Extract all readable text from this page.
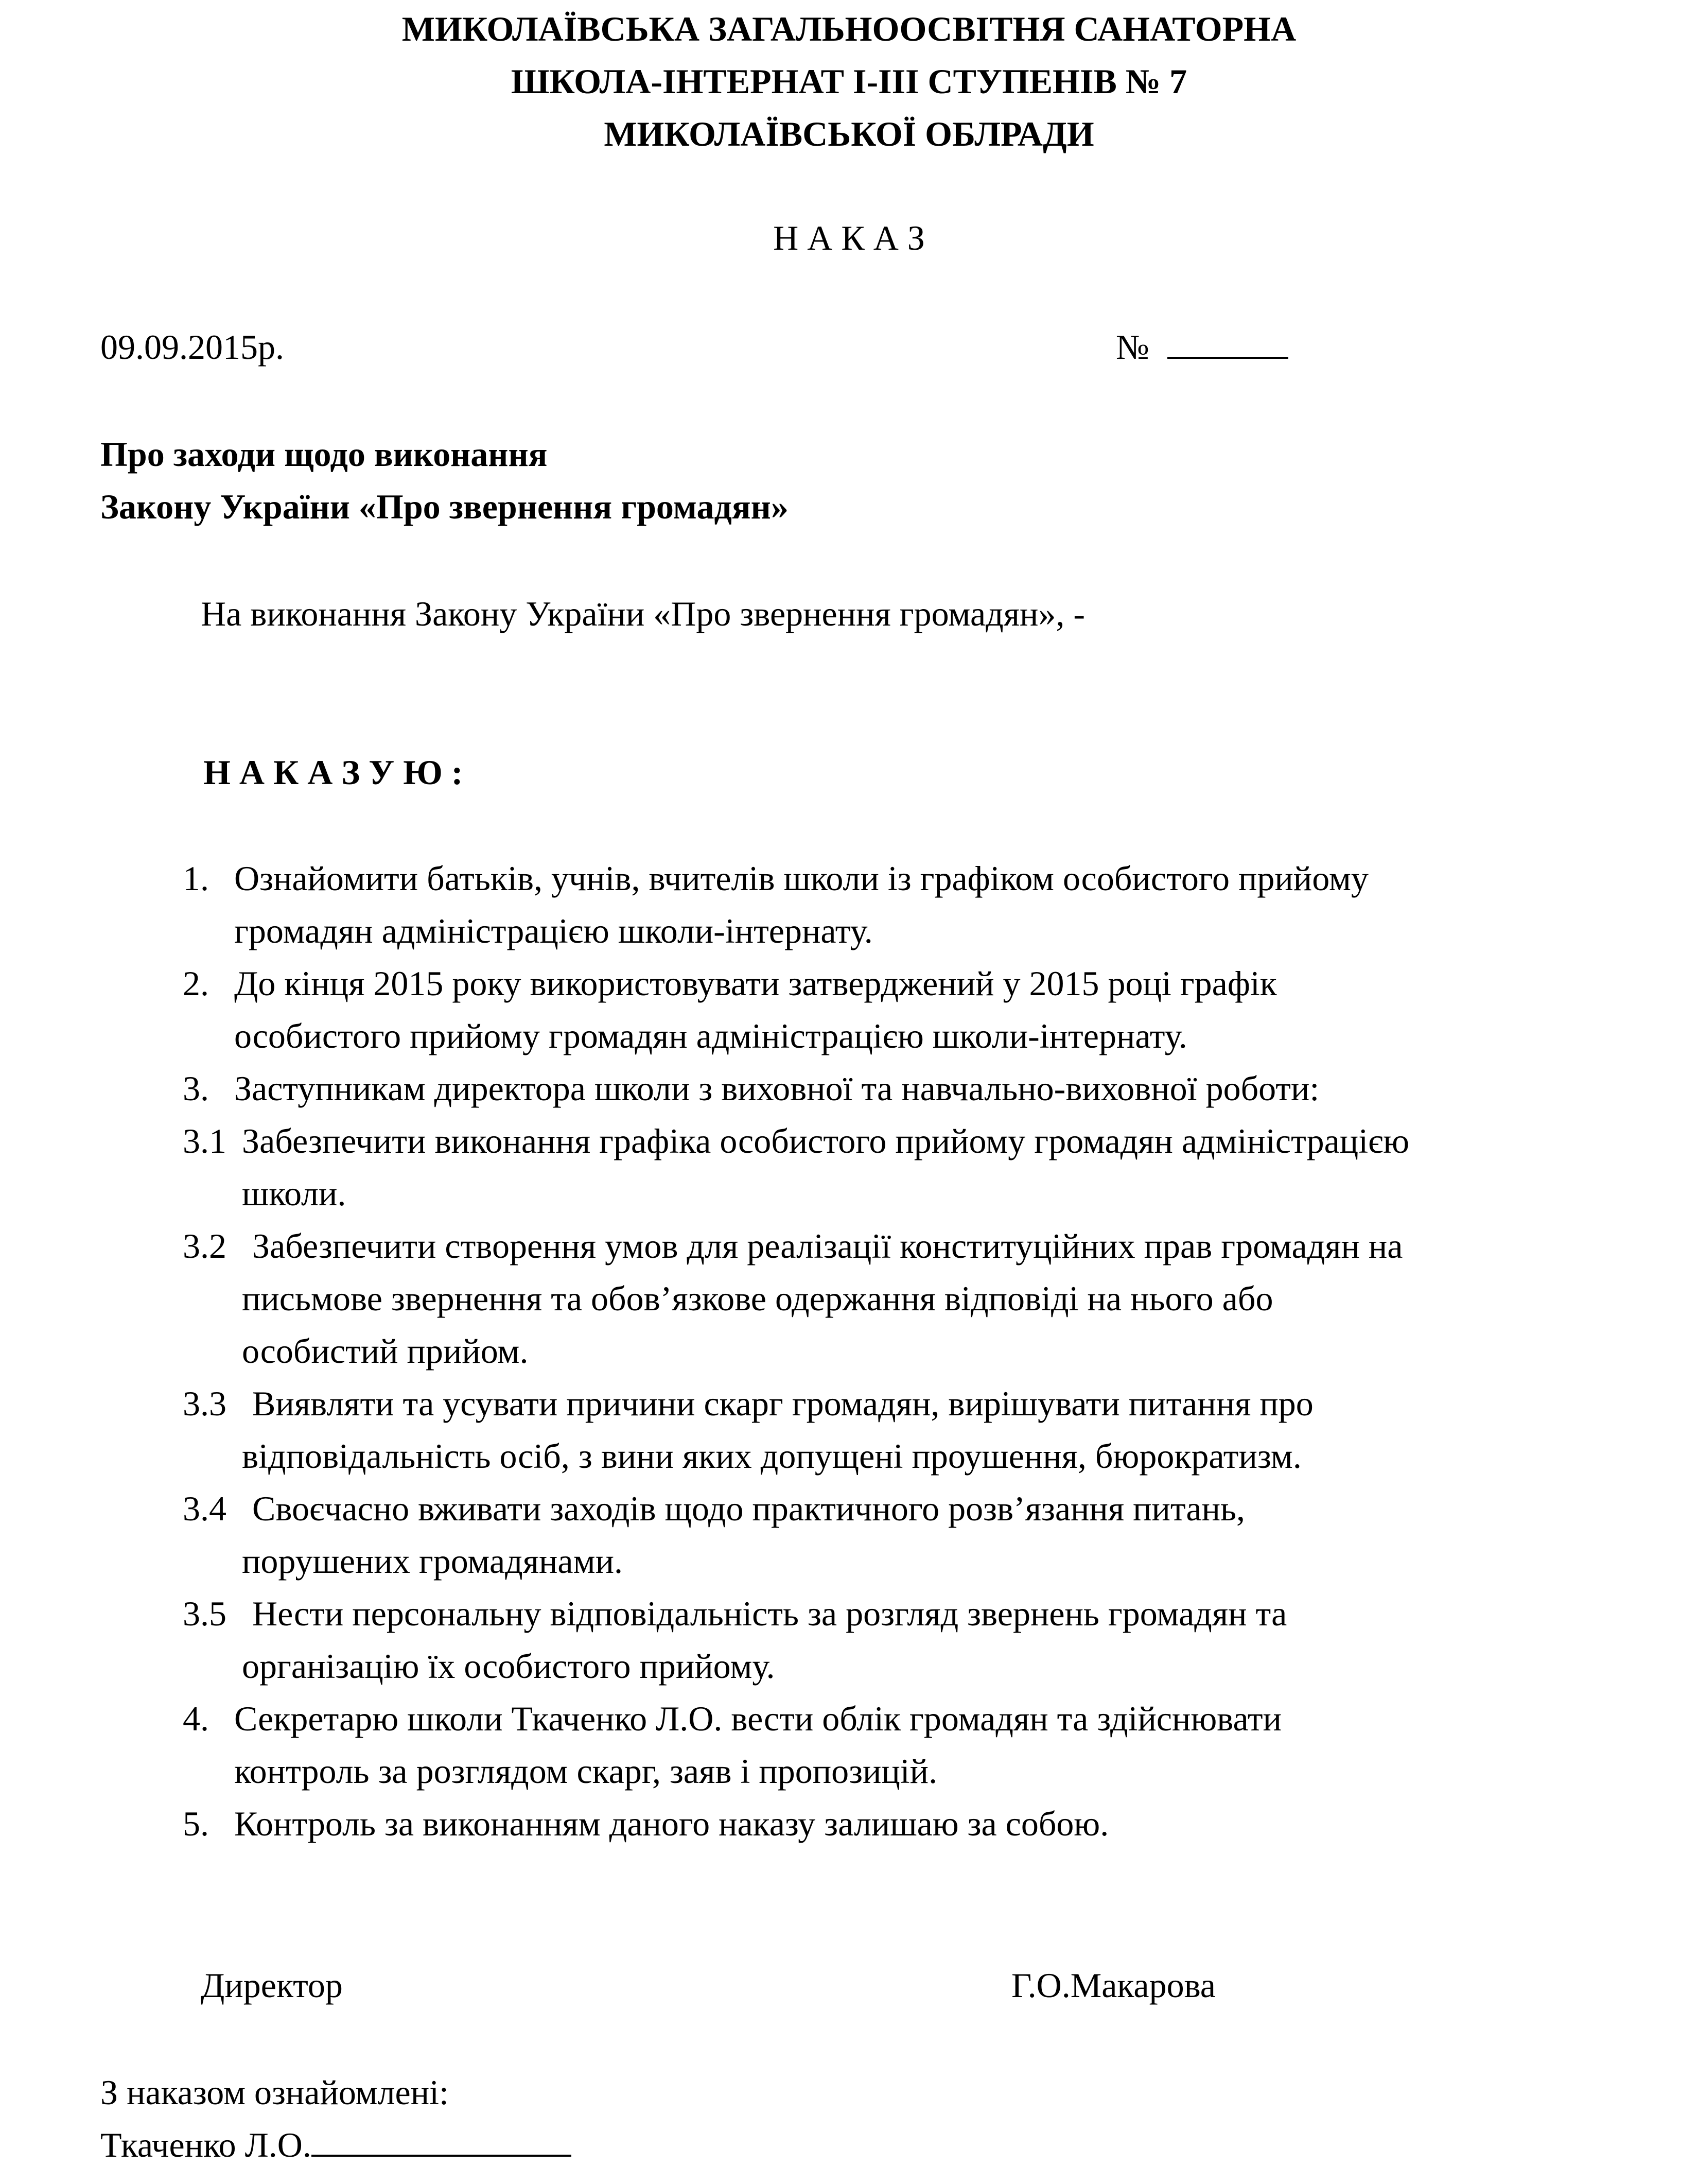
МИКОЛАЇВСЬКА ЗАГАЛЬНООСВІТНЯ САНАТОРНА
ШКОЛА-ІНТЕРНАТ І-ІІІ СТУПЕНІВ № 7
МИКОЛАЇВСЬКОЇ ОБЛРАДИ
Н А К А З
09.09.2015р.	№
Про заходи щодо виконання
Закону України «Про звернення громадян»
На виконання Закону України «Про звернення громадян», -
Н А К А З У Ю :
1. Ознайомити батьків, учнів, вчителів школи із графіком особистого прийому
громадян адміністрацією школи-інтернату.
2. До кінця 2015 року використовувати затверджений у 2015 році графік
особистого прийому громадян адміністрацією школи-інтернату.
3. Заступникам директора школи з виховної та навчально-виховної роботи:
3.1 Забезпечити виконання графіка особистого прийому громадян адміністрацією
школи.
3.2 Забезпечити створення умов для реалізації конституційних прав громадян на
письмове звернення та обов’язкове одержання відповіді на нього або
особистий прийом.
3.3 Виявляти та усувати причини скарг громадян, вирішувати питання про
відповідальність осіб, з вини яких допущені проушення, бюрократизм.
3.4 Своєчасно вживати заходів щодо практичного розв’язання питань,
порушених громадянами.
3.5 Нести персональну відповідальність за розгляд звернень громадян та
організацію їх особистого прийому.
4. Секретарю школи Ткаченко Л.О. вести облік громадян та здійснювати
контроль за розглядом скарг, заяв і пропозицій.
5. Контроль за виконанням даного наказу залишаю за собою.
Директор	Г.О.Макарова
З наказом ознайомлені:
Ткаченко Л.О.
